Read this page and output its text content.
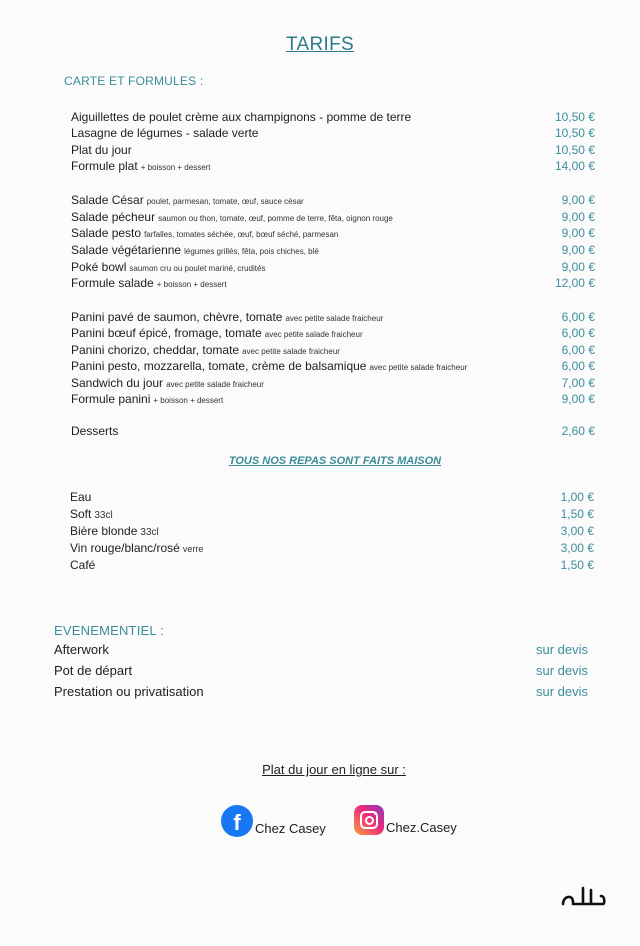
TARIFS
CARTE ET FORMULES :
Aiguillettes de poulet crème aux champignons - pomme de terre	10,50 €
Lasagne de légumes - salade verte	10,50 €
Plat du jour	10,50 €
Formule plat + boisson + dessert	14,00 €
Salade César poulet, parmesan, tomate, œuf, sauce césar	9,00 €
Salade pécheur saumon ou thon, tomate, œuf, pomme de terre, fêta, oignon rouge	9,00 €
Salade pesto farfalles, tomates séchée, œuf, bœuf séché, parmesan	9,00 €
Salade végétarienne légumes grillés, fêta, pois chiches, blé	9,00 €
Poké bowl saumon cru ou poulet mariné, crudités	9,00 €
Formule salade + boisson + dessert	12,00 €
Panini pavé de saumon, chèvre, tomate avec petite salade fraicheur	6,00 €
Panini bœuf épicé, fromage, tomate avec petite salade fraicheur	6,00 €
Panini chorizo, cheddar, tomate avec petite salade fraicheur	6,00 €
Panini pesto, mozzarella, tomate, crème de balsamique avec petite salade fraicheur	6,00 €
Sandwich du jour avec petite salade fraicheur	7,00 €
Formule panini + boisson + dessert	9,00 €
Desserts	2,60 €
TOUS NOS REPAS SONT FAITS MAISON
Eau	1,00 €
Soft 33cl	1,50 €
Bière blonde 33cl	3,00 €
Vin rouge/blanc/rosé verre	3,00 €
Café	1,50 €
EVENEMENTIEL :
Afterwork	sur devis
Pot de départ	sur devis
Prestation ou privatisation	sur devis
Plat du jour en ligne sur :
f	Chez Casey	Chez.Casey
